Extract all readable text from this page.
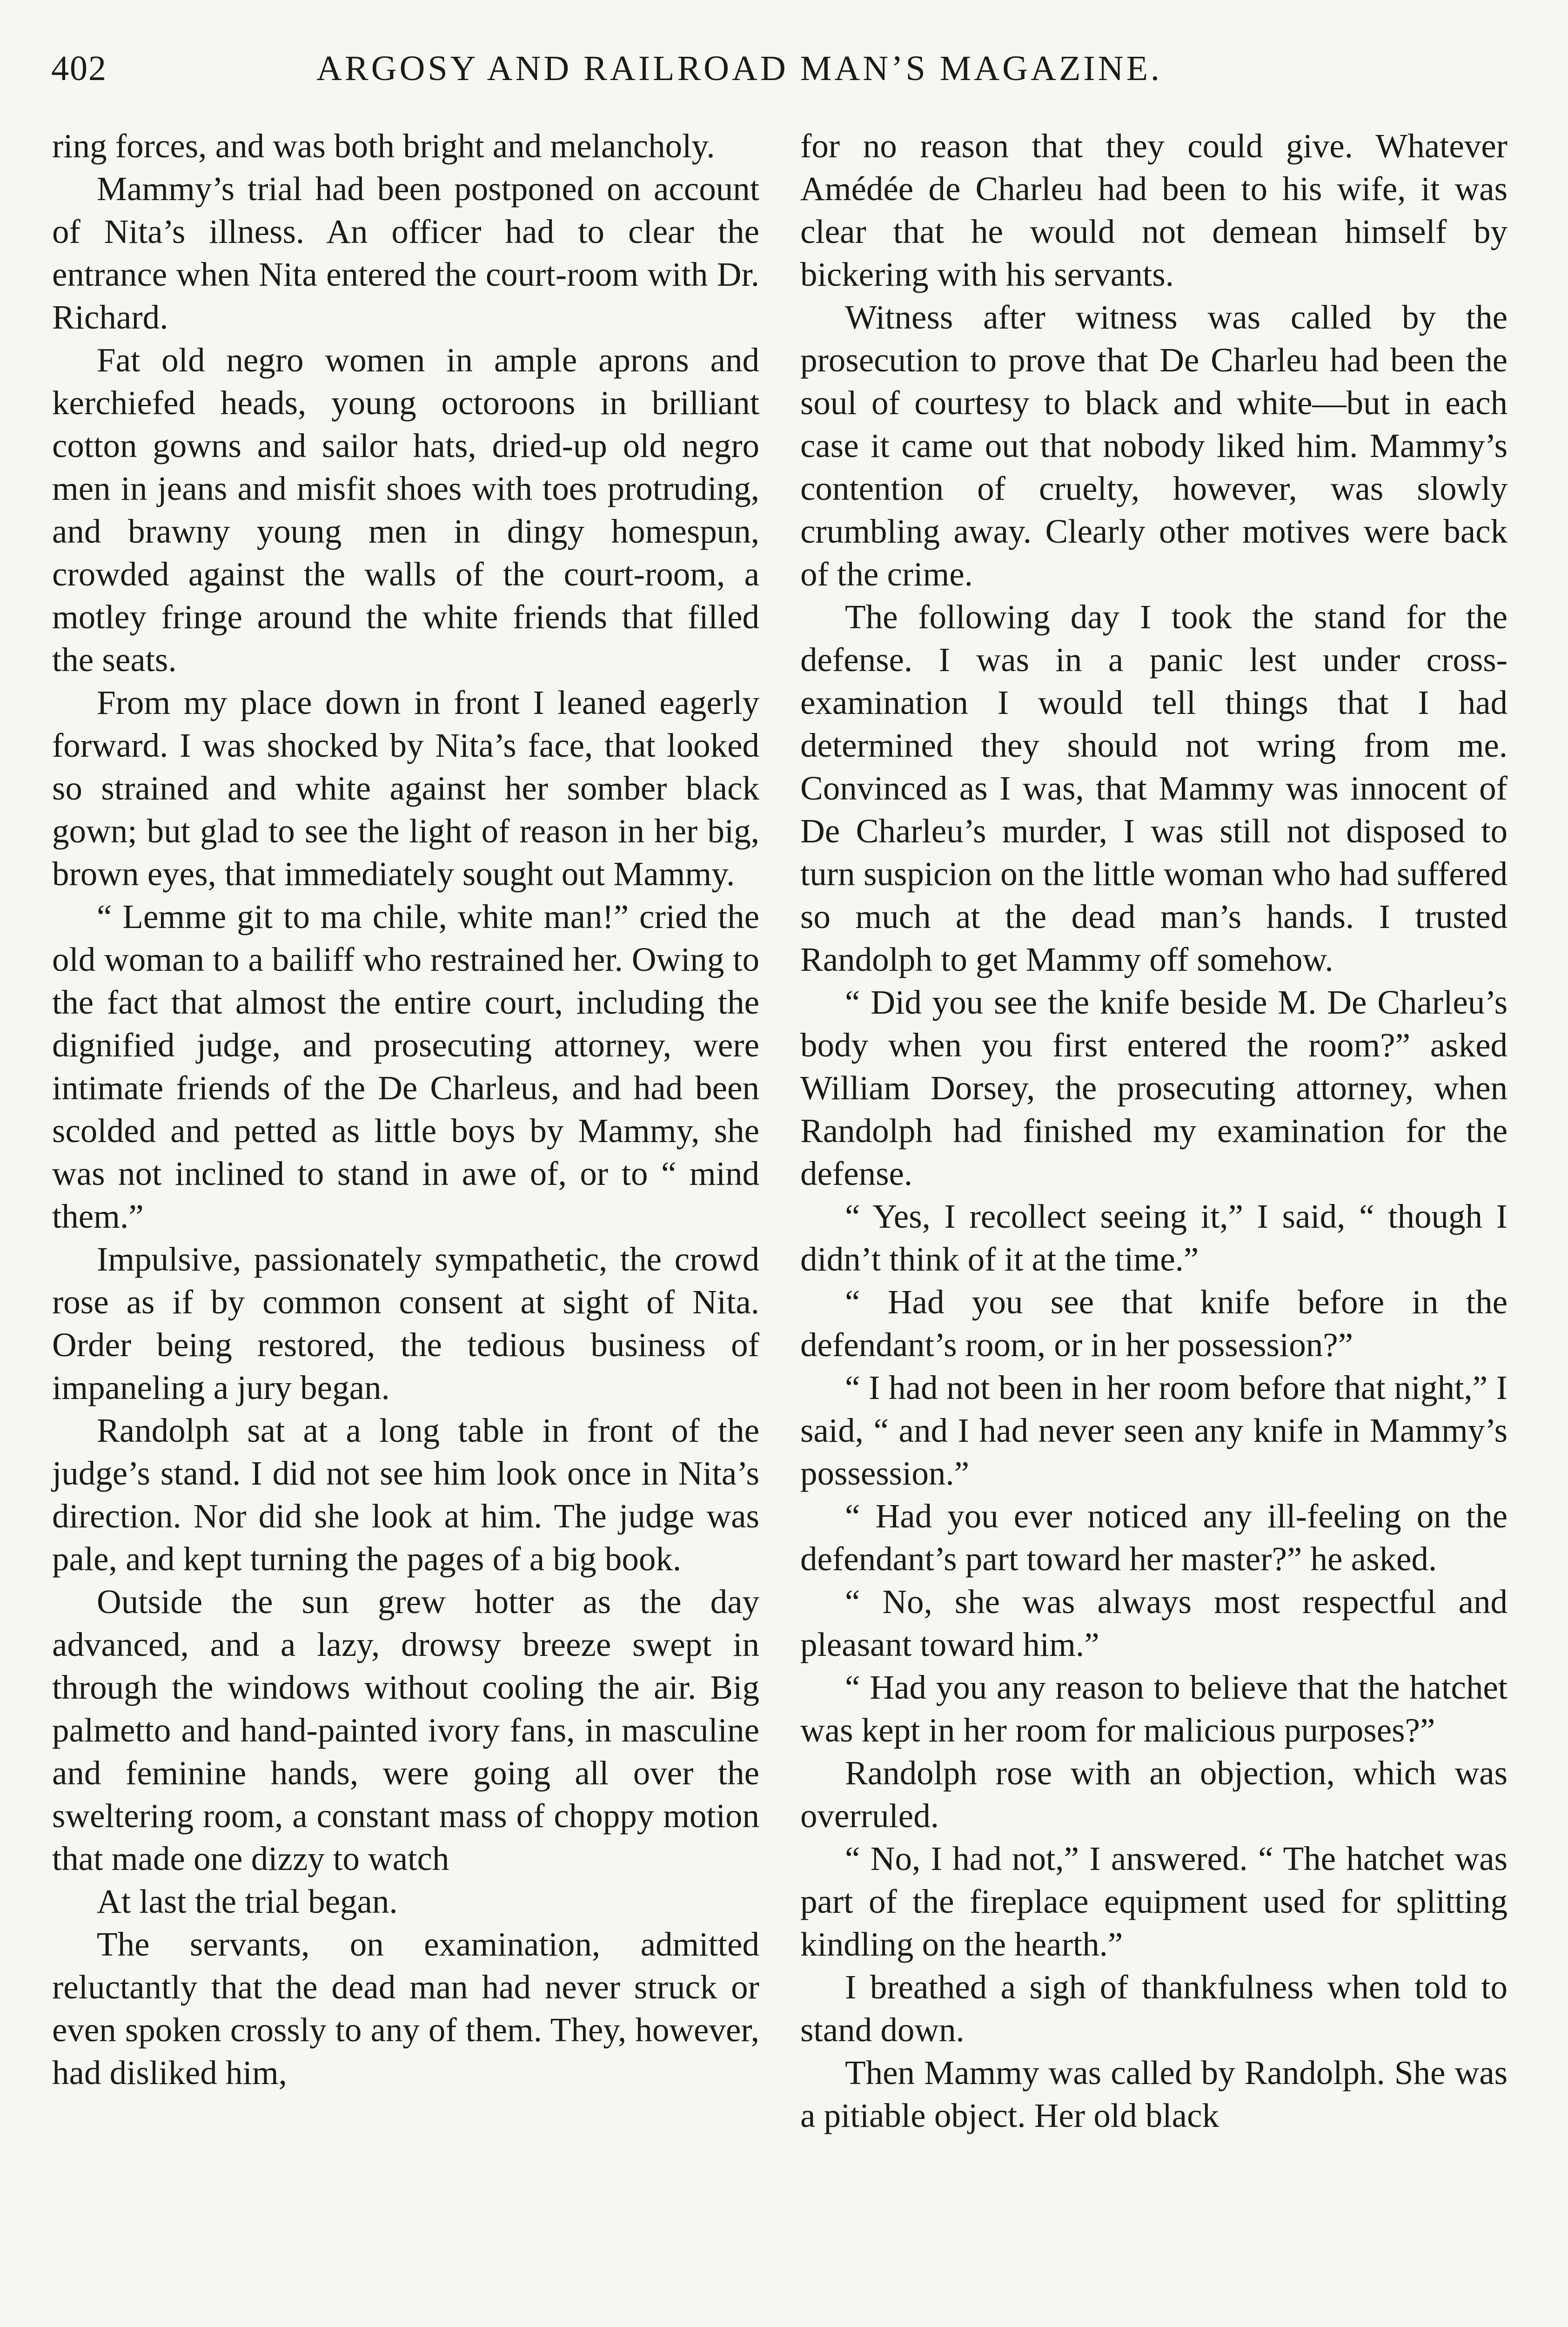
402	ARGOSY AND RAILROAD MAN’S MAGAZINE.

ring forces, and was both bright and melancholy.

Mammy’s trial had been postponed on account of Nita’s illness. An officer had to clear the entrance when Nita entered the court-room with Dr. Richard.

Fat old negro women in ample aprons and kerchiefed heads, young octoroons in brilliant cotton gowns and sailor hats, dried-up old negro men in jeans and misfit shoes with toes protruding, and brawny young men in dingy homespun, crowded against the walls of the court-room, a motley fringe around the white friends that filled the seats.

From my place down in front I leaned eagerly forward. I was shocked by Nita’s face, that looked so strained and white against her somber black gown; but glad to see the light of reason in her big, brown eyes, that immediately sought out Mammy.

“ Lemme git to ma chile, white man!” cried the old woman to a bailiff who restrained her. Owing to the fact that almost the entire court, including the dignified judge, and prosecuting attorney, were intimate friends of the De Charleus, and had been scolded and petted as little boys by Mammy, she was not inclined to stand in awe of, or to “ mind them.”

Impulsive, passionately sympathetic, the crowd rose as if by common consent at sight of Nita. Order being restored, the tedious business of impaneling a jury began.

Randolph sat at a long table in front of the judge’s stand. I did not see him look once in Nita’s direction. Nor did she look at him. The judge was pale, and kept turning the pages of a big book.

Outside the sun grew hotter as the day advanced, and a lazy, drowsy breeze swept in through the windows without cooling the air. Big palmetto and hand-painted ivory fans, in masculine and feminine hands, were going all over the sweltering room, a constant mass of choppy motion that made one dizzy to watch

At last the trial began.

The servants, on examination, admitted reluctantly that the dead man had never struck or even spoken crossly to any of them. They, however, had disliked him,

for no reason that they could give. Whatever Amédée de Charleu had been to his wife, it was clear that he would not demean himself by bickering with his servants.

Witness after witness was called by the prosecution to prove that De Charleu had been the soul of courtesy to black and white—but in each case it came out that nobody liked him. Mammy’s contention of cruelty, however, was slowly crumbling away. Clearly other motives were back of the crime.

The following day I took the stand for the defense. I was in a panic lest under cross-examination I would tell things that I had determined they should not wring from me. Convinced as I was, that Mammy was innocent of De Charleu’s murder, I was still not disposed to turn suspicion on the little woman who had suffered so much at the dead man’s hands. I trusted Randolph to get Mammy off somehow.

“ Did you see the knife beside M. De Charleu’s body when you first entered the room?” asked William Dorsey, the prosecuting attorney, when Randolph had finished my examination for the defense.

“ Yes, I recollect seeing it,” I said, “ though I didn’t think of it at the time.”

“ Had you see that knife before in the defendant’s room, or in her possession?”

“ I had not been in her room before that night,” I said, “ and I had never seen any knife in Mammy’s possession.”

“ Had you ever noticed any ill-feeling on the defendant’s part toward her master?” he asked.

“ No, she was always most respectful and pleasant toward him.”

“ Had you any reason to believe that the hatchet was kept in her room for malicious purposes?”

Randolph rose with an objection, which was overruled.

“ No, I had not,” I answered. “ The hatchet was part of the fireplace equipment used for splitting kindling on the hearth.”

I breathed a sigh of thankfulness when told to stand down.

Then Mammy was called by Randolph. She was a pitiable object. Her old black
